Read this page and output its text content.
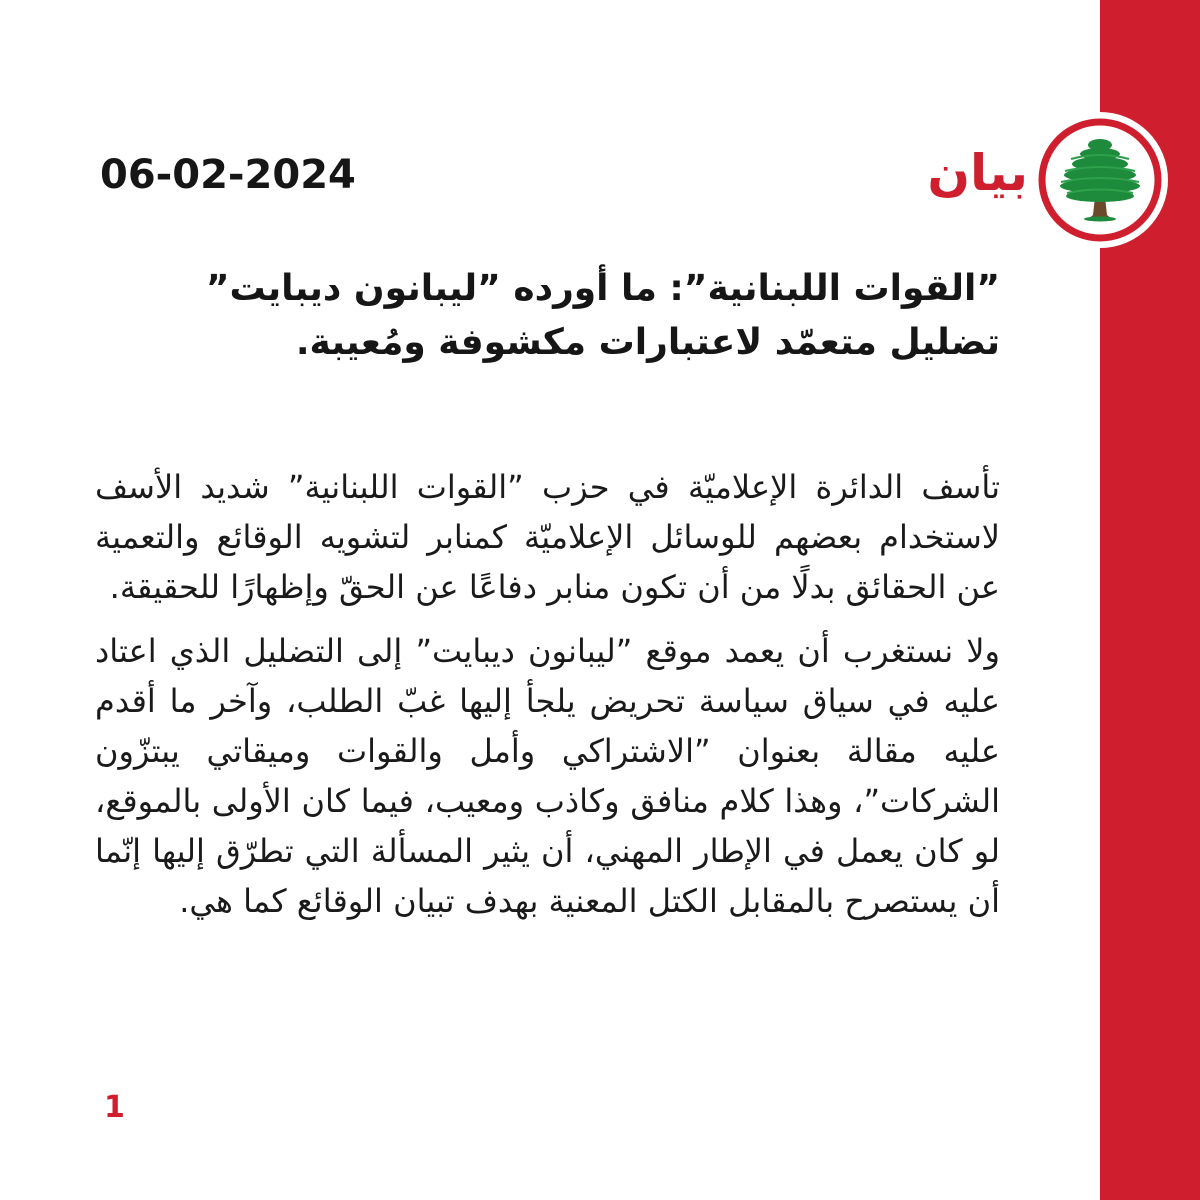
بيان
06-02-2024
”القوات اللبنانية”: ما أورده ”ليبانون ديبايت” تضليل متعمّد لاعتبارات مكشوفة ومُعيبة.

تأسف الدائرة الإعلاميّة في حزب ”القوات اللبنانية” شديد الأسف لاستخدام بعضهم للوسائل الإعلاميّة كمنابر لتشويه الوقائع والتعمية عن الحقائق بدلًا من أن تكون منابر دفاعًا عن الحقّ وإظهارًا للحقيقة.

ولا نستغرب أن يعمد موقع ”ليبانون ديبايت” إلى التضليل الذي اعتاد عليه في سياق سياسة تحريض يلجأ إليها غبّ الطلب، وآخر ما أقدم عليه مقالة بعنوان ”الاشتراكي وأمل والقوات وميقاتي يبتزّون الشركات”، وهذا كلام منافق وكاذب ومعيب، فيما كان الأولى بالموقع، لو كان يعمل في الإطار المهني، أن يثير المسألة التي تطرّق إليها إنّما أن يستصرح بالمقابل الكتل المعنية بهدف تبيان الوقائع كما هي.

1
